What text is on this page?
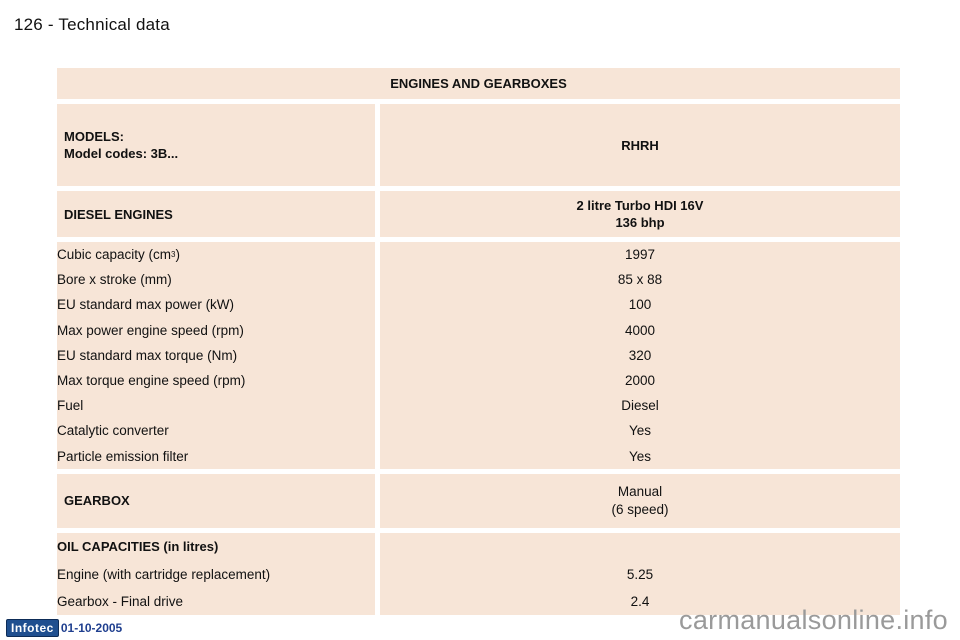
126 - Technical data
ENGINES AND GEARBOXES
MODELS:
Model codes: 3B...
RHRH
DIESEL ENGINES
2 litre Turbo HDI 16V
136 bhp
Cubic capacity (cm 3 )
Bore x stroke (mm)
EU standard max power (kW)
Max power engine speed (rpm)
EU standard max torque (Nm)
Max torque engine speed (rpm)
Fuel
Catalytic converter
Particle emission filter
1997
85 x 88
100
4000
320
2000
Diesel
Yes
Yes
GEARBOX
Manual
(6 speed)
OIL CAPACITIES (in litres)
Engine (with cartridge replacement)
Gearbox - Final drive
5.25
2.4
Infotec 01-10-2005	carmanualsonline.info
